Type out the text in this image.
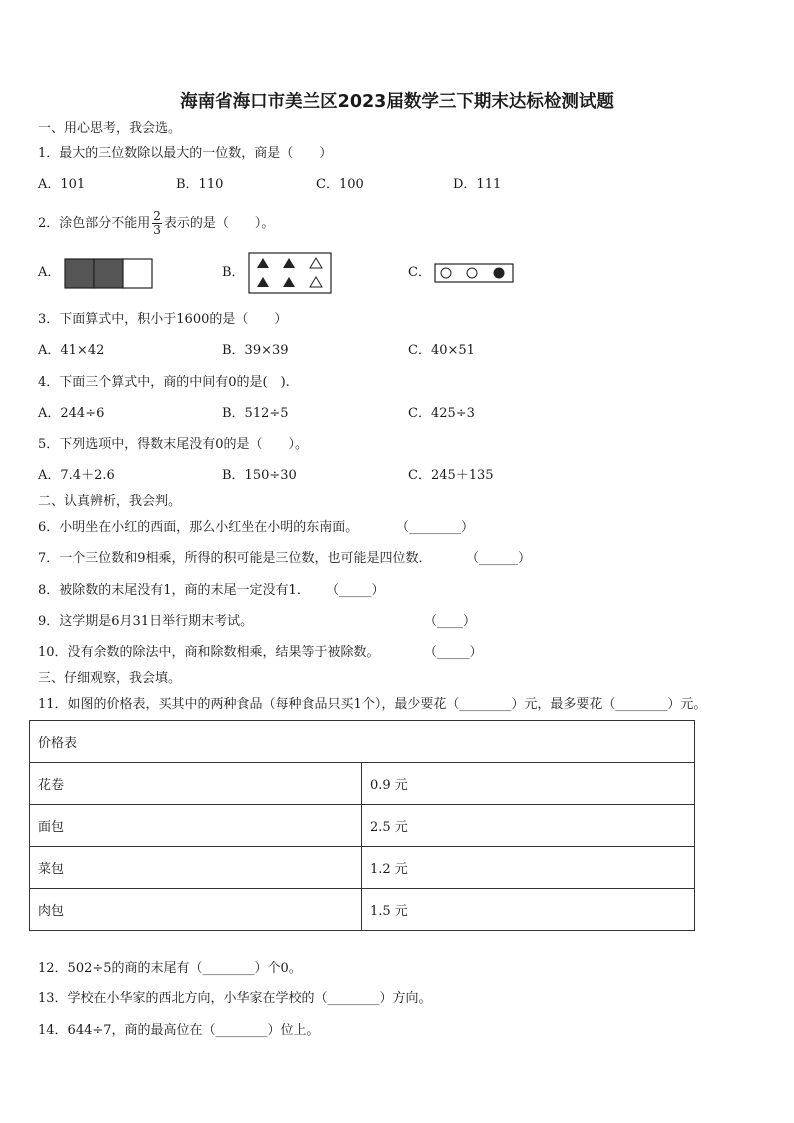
海南省海口市美兰区2023届数学三下期末达标检测试题
一、用心思考，我会选。
1．最大的三位数除以最大的一位数，商是（　　）
A．101	B．110	C．100	D．111
2．涂色部分不能用 $\frac{2}{3}$ 表示的是（　　）。
A．	B．	C．
3．下面算式中，积小于1600的是（　　）
A．41×42	B．39×39	C．40×51
4．下面三个算式中，商的中间有0的是(　).
A．244÷6	B．512÷5	C．425÷3
5．下列选项中，得数末尾没有0的是（　　）。
A．7.4＋2.6	B．150÷30	C．245＋135
二、认真辨析，我会判。
6．小明坐在小红的西面，那么小红坐在小明的东南面。	（________）
7．一个三位数和9相乘，所得的积可能是三位数，也可能是四位数．	（______）
8．被除数的末尾没有1，商的末尾一定没有1． （_____）
9．这学期是6月31日举行期末考试。	（____）
10．没有余数的除法中，商和除数相乘，结果等于被除数。	（_____）
三、仔细观察，我会填。
11．如图的价格表，买其中的两种食品（每种食品只买1个），最少要花（________）元，最多要花（________）元。
价格表	
花卷	0.9 元
面包	2.5 元
菜包	1.2 元
肉包	1.5 元
12．502÷5的商的末尾有（________）个0。
13．学校在小华家的西北方向，小华家在学校的（________）方向。
14．644÷7，商的最高位在（________）位上。
